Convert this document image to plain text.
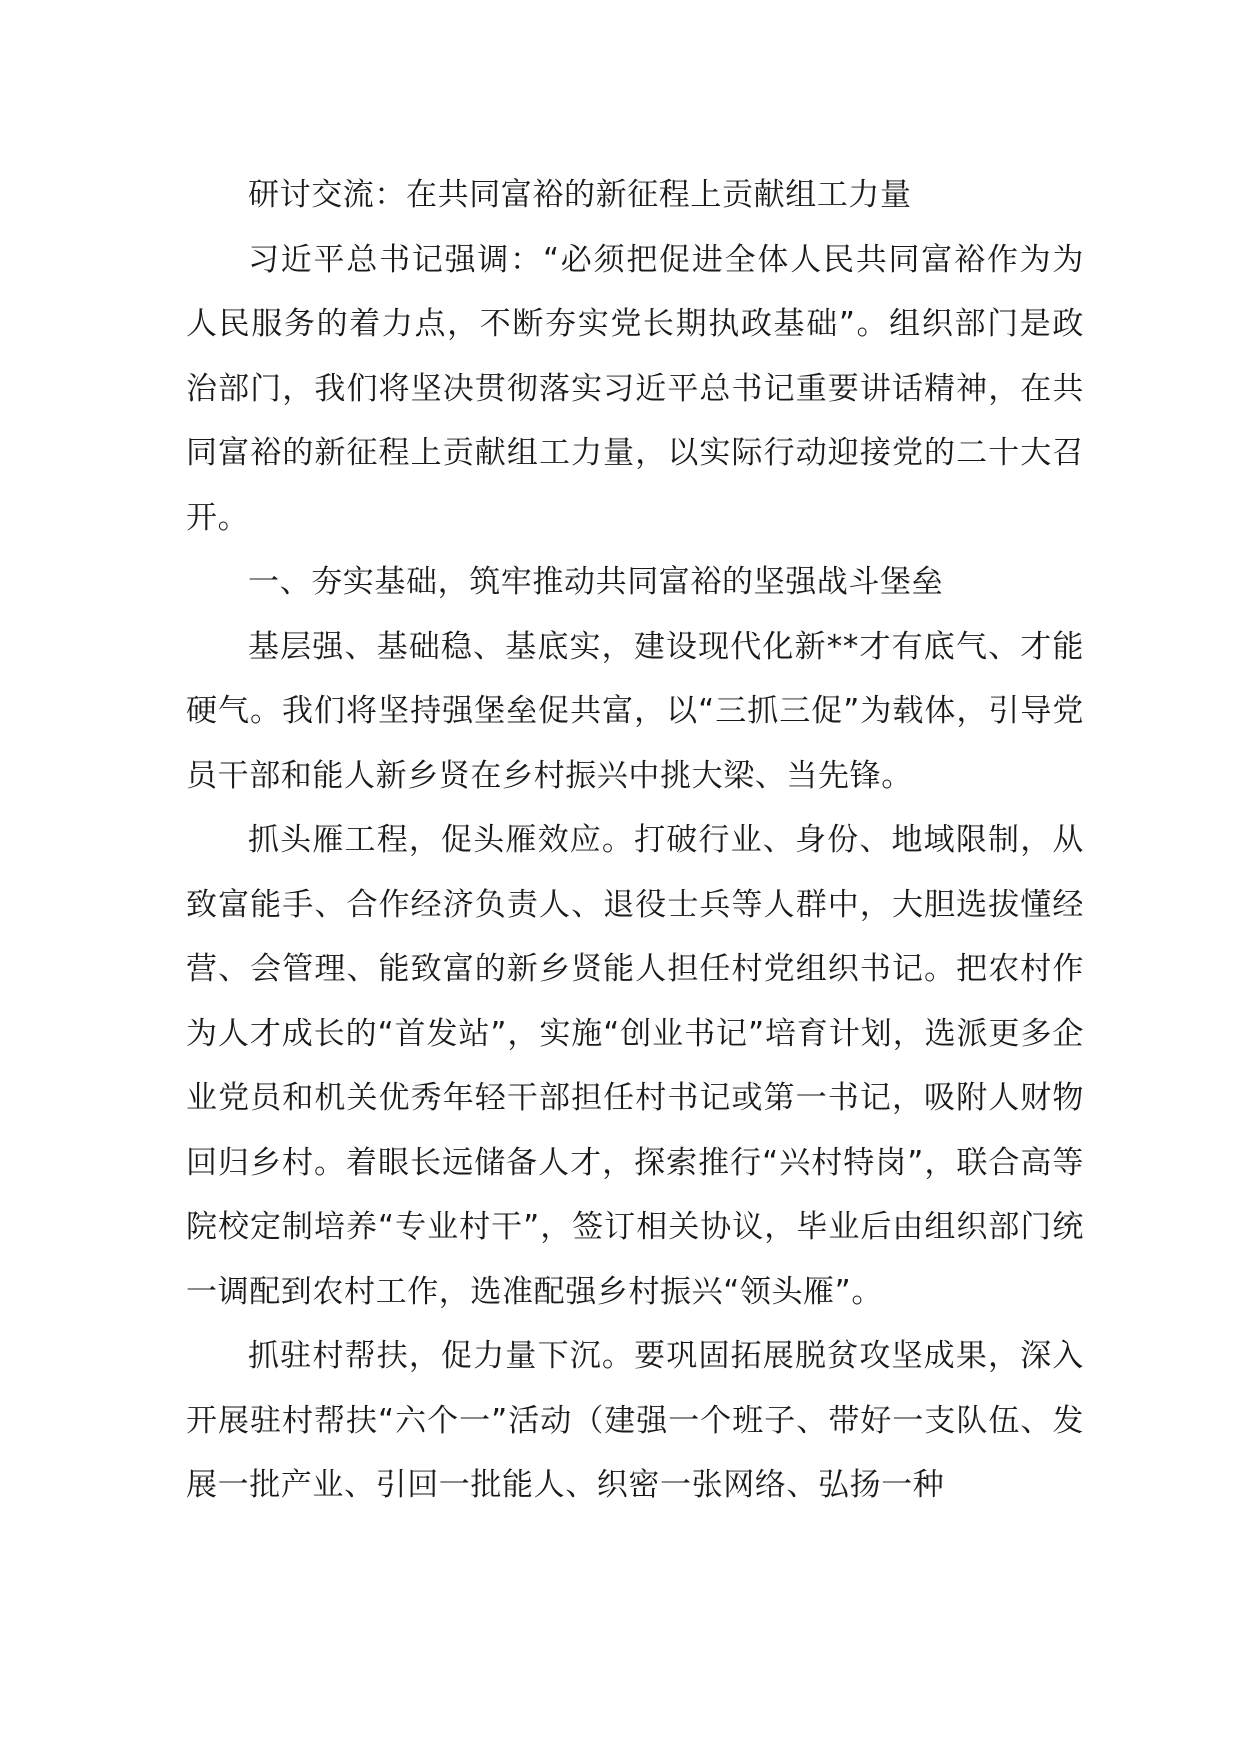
研讨交流：在共同富裕的新征程上贡献组工力量

习近平总书记强调：“必须把促进全体人民共同富裕作为为人民服务的着力点，不断夯实党长期执政基础”。组织部门是政治部门，我们将坚决贯彻落实习近平总书记重要讲话精神，在共同富裕的新征程上贡献组工力量，以实际行动迎接党的二十大召开。

一、夯实基础，筑牢推动共同富裕的坚强战斗堡垒

基层强、基础稳、基底实，建设现代化新**才有底气、才能硬气。我们将坚持强堡垒促共富，以“三抓三促”为载体，引导党员干部和能人新乡贤在乡村振兴中挑大梁、当先锋。

抓头雁工程，促头雁效应。打破行业、身份、地域限制，从致富能手、合作经济负责人、退役士兵等人群中，大胆选拔懂经营、会管理、能致富的新乡贤能人担任村党组织书记。把农村作为人才成长的“首发站”，实施“创业书记”培育计划，选派更多企业党员和机关优秀年轻干部担任村书记或第一书记，吸附人财物回归乡村。着眼长远储备人才，探索推行“兴村特岗”，联合高等院校定制培养“专业村干”，签订相关协议，毕业后由组织部门统一调配到农村工作，选准配强乡村振兴“领头雁”。

抓驻村帮扶，促力量下沉。要巩固拓展脱贫攻坚成果，深入开展驻村帮扶“六个一”活动（建强一个班子、带好一支队伍、发展一批产业、引回一批能人、织密一张网络、弘扬一种
